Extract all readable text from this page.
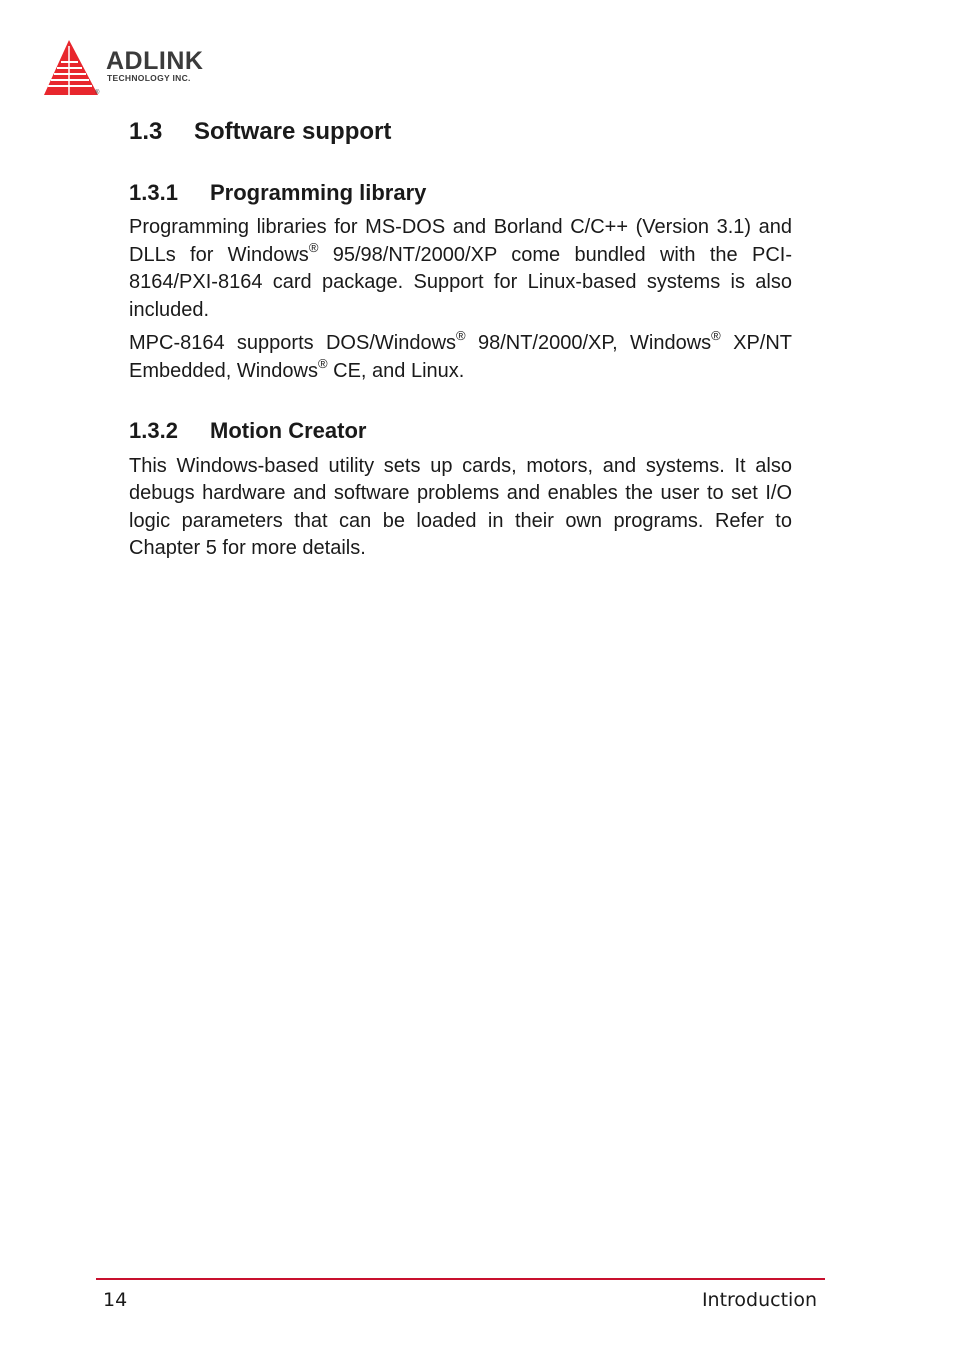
ADLINK
TECHNOLOGY INC.
®
1.3 Software support
1.3.1 Programming library

Programming libraries for MS-DOS and Borland C/C++ (Version 3.1) and DLLs for Windows® 95/98/NT/2000/XP come bundled with the PCI-8164/PXI-8164 card package. Support for Linux-based systems is also included.

MPC-8164 supports DOS/Windows® 98/NT/2000/XP, Windows® XP/NT Embedded, Windows® CE, and Linux.

1.3.2 Motion Creator

This Windows-based utility sets up cards, motors, and systems. It also debugs hardware and software problems and enables the user to set I/O logic parameters that can be loaded in their own programs. Refer to Chapter 5 for more details.

14	Introduction
